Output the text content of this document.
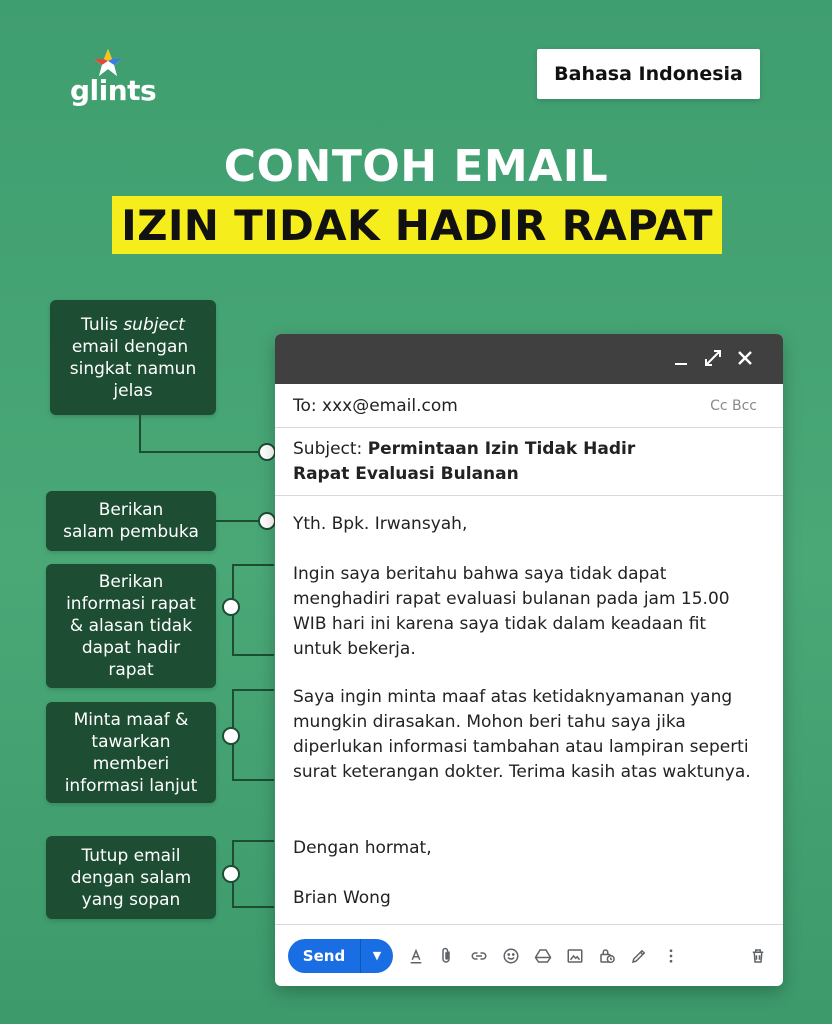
glints	Bahasa Indonesia
CONTOH EMAIL
IZIN TIDAK HADIR RAPAT
Tulis subject
email dengan
singkat namun
jelas
Berikan
salam pembuka
Berikan
informasi rapat
& alasan tidak
dapat hadir
rapat
Minta maaf &
tawarkan
memberi
informasi lanjut
Tutup email
dengan salam
yang sopan
To: xxx@email.com	Cc Bcc
Subject: Permintaan Izin Tidak Hadir
Rapat Evaluasi Bulanan
Yth. Bpk. Irwansyah,
Ingin saya beritahu bahwa saya tidak dapat
menghadiri rapat evaluasi bulanan pada jam 15.00
WIB hari ini karena saya tidak dalam keadaan fit
untuk bekerja.
Saya ingin minta maaf atas ketidaknyamanan yang
mungkin dirasakan. Mohon beri tahu saya jika
diperlukan informasi tambahan atau lampiran seperti
surat keterangan dokter. Terima kasih atas waktunya.
Dengan hormat,
Brian Wong
Send	▼
